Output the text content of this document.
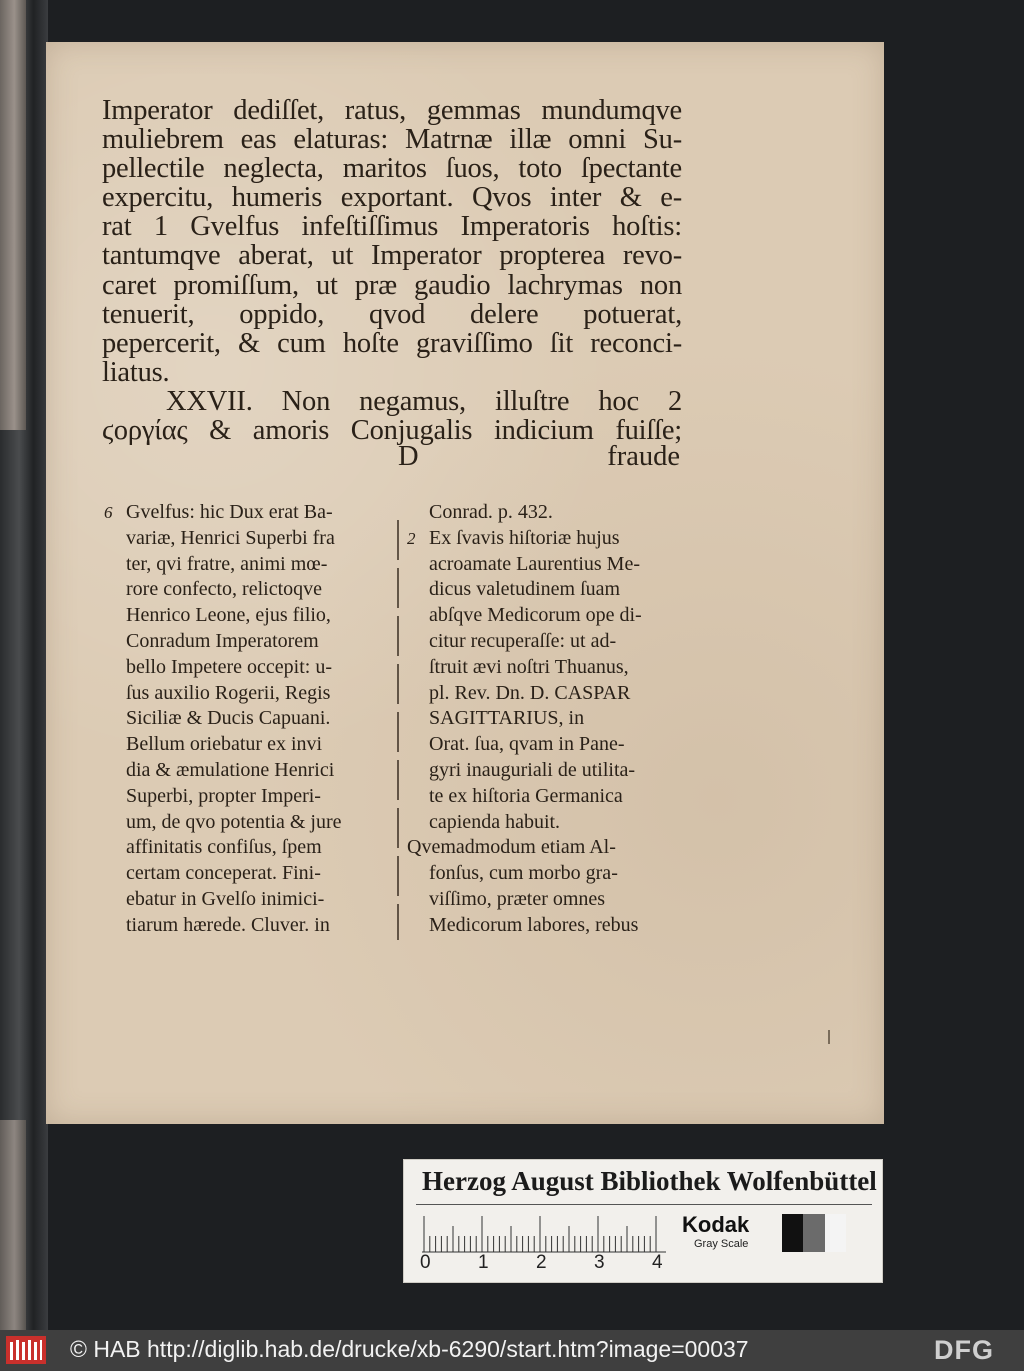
Imperator dediſſet, ratus, gemmas mundumqve
muliebrem eas elaturas: Matrnæ illæ omni Su-
pellectile neglecta, maritos ſuos, toto ſpectante
expercitu, humeris exportant. Qvos inter & e-
rat 1 Gvelfus infeſtiſſimus Imperatoris hoſtis:
tantumqve aberat, ut Imperator propterea revo-
caret promiſſum, ut præ gaudio lachrymas non
tenuerit, oppido, qvod delere potuerat,
pepercerit, & cum hoſte graviſſimo ſit reconci-
liatus.
XXVII. Non negamus, illuſtre hoc 2
ϛοργίας & amoris Conjugalis indicium fuiſſe;
D	fraude
6 Gvelfus: hic Dux erat Ba-
variæ, Henrici Superbi fra
ter, qvi fratre, animi mœ-
rore confecto, relictoqve
Henrico Leone, ejus filio,
Conradum Imperatorem
bello Impetere occepit: u-
ſus auxilio Rogerii, Regis
Siciliæ & Ducis Capuani.
Bellum oriebatur ex invi
dia & æmulatione Henrici
Superbi, propter Imperi-
um, de qvo potentia & jure
affinitatis confiſus, ſpem
certam conceperat. Fini-
ebatur in Gvelſo inimici-
tiarum hærede. Cluver. in
Conrad. p. 432.
2 Ex ſvavis hiſtoriæ hujus
acroamate Laurentius Me-
dicus valetudinem ſuam
abſqve Medicorum ope di-
citur recuperaſſe: ut ad-
ſtruit ævi noſtri Thuanus,
pl. Rev. Dn. D. CASPAR
SAGITTARIUS, in
Orat. ſua, qvam in Pane-
gyri inauguriali de utilita-
te ex hiſtoria Germanica
capienda habuit.
Qvemadmodum etiam Al-
fonſus, cum morbo gra-
viſſimo, præter omnes
Medicorum labores, rebus
Herzog August Bibliothek Wolfenbüttel
0 1 2 3 4
Kodak
Gray Scale
© HAB http://diglib.hab.de/drucke/xb-6290/start.htm?image=00037	DFG
